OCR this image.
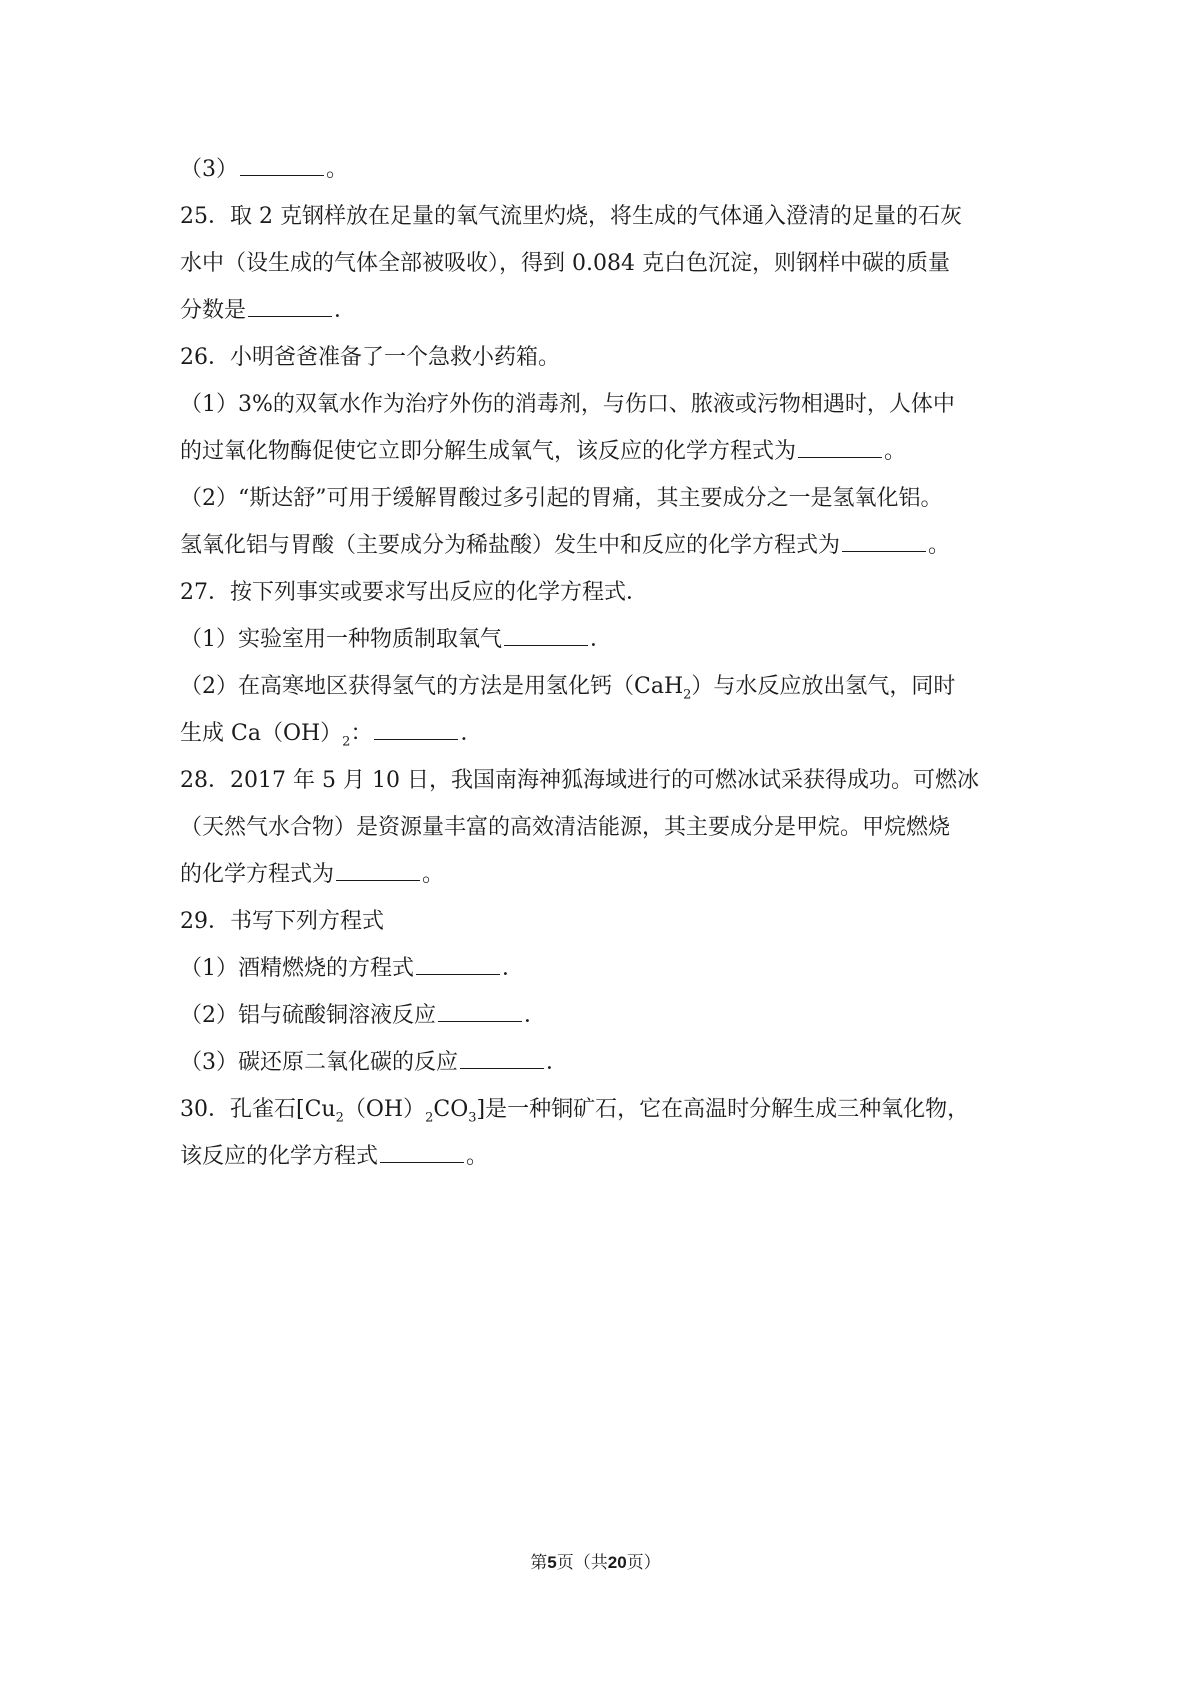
（3）	。
25．取 2 克钢样放在足量的氧气流里灼烧，将生成的气体通入澄清的足量的石灰
水中（设生成的气体全部被吸收），得到 0.084 克白色沉淀，则钢样中碳的质量
分数是	．
26．小明爸爸准备了一个急救小药箱。
（1）3%的双氧水作为治疗外伤的消毒剂，与伤口、脓液或污物相遇时，人体中
的过氧化物酶促使它立即分解生成氧气，该反应的化学方程式为	。
（2）“斯达舒”可用于缓解胃酸过多引起的胃痛，其主要成分之一是氢氧化铝。
氢氧化铝与胃酸（主要成分为稀盐酸）发生中和反应的化学方程式为	。
27．按下列事实或要求写出反应的化学方程式．
（1）实验室用一种物质制取氧气	．
（2）在高寒地区获得氢气的方法是用氢化钙（CaH$_2$）与水反应放出氢气，同时
生成 $Ca(OH)_2$：	．
28．2017 年 5 月 10 日，我国南海神狐海域进行的可燃冰试采获得成功。可燃冰
（天然气水合物）是资源量丰富的高效清洁能源，其主要成分是甲烷。甲烷燃烧
的化学方程式为	。
29．书写下列方程式
（1）酒精燃烧的方程式	．
（2）铝与硫酸铜溶液反应	．
（3）碳还原二氧化碳的反应	．
30．孔雀石$[Cu_2(OH)_2CO_3]$是一种铜矿石，它在高温时分解生成三种氧化物，
该反应的化学方程式	。
第5页（共20页）
